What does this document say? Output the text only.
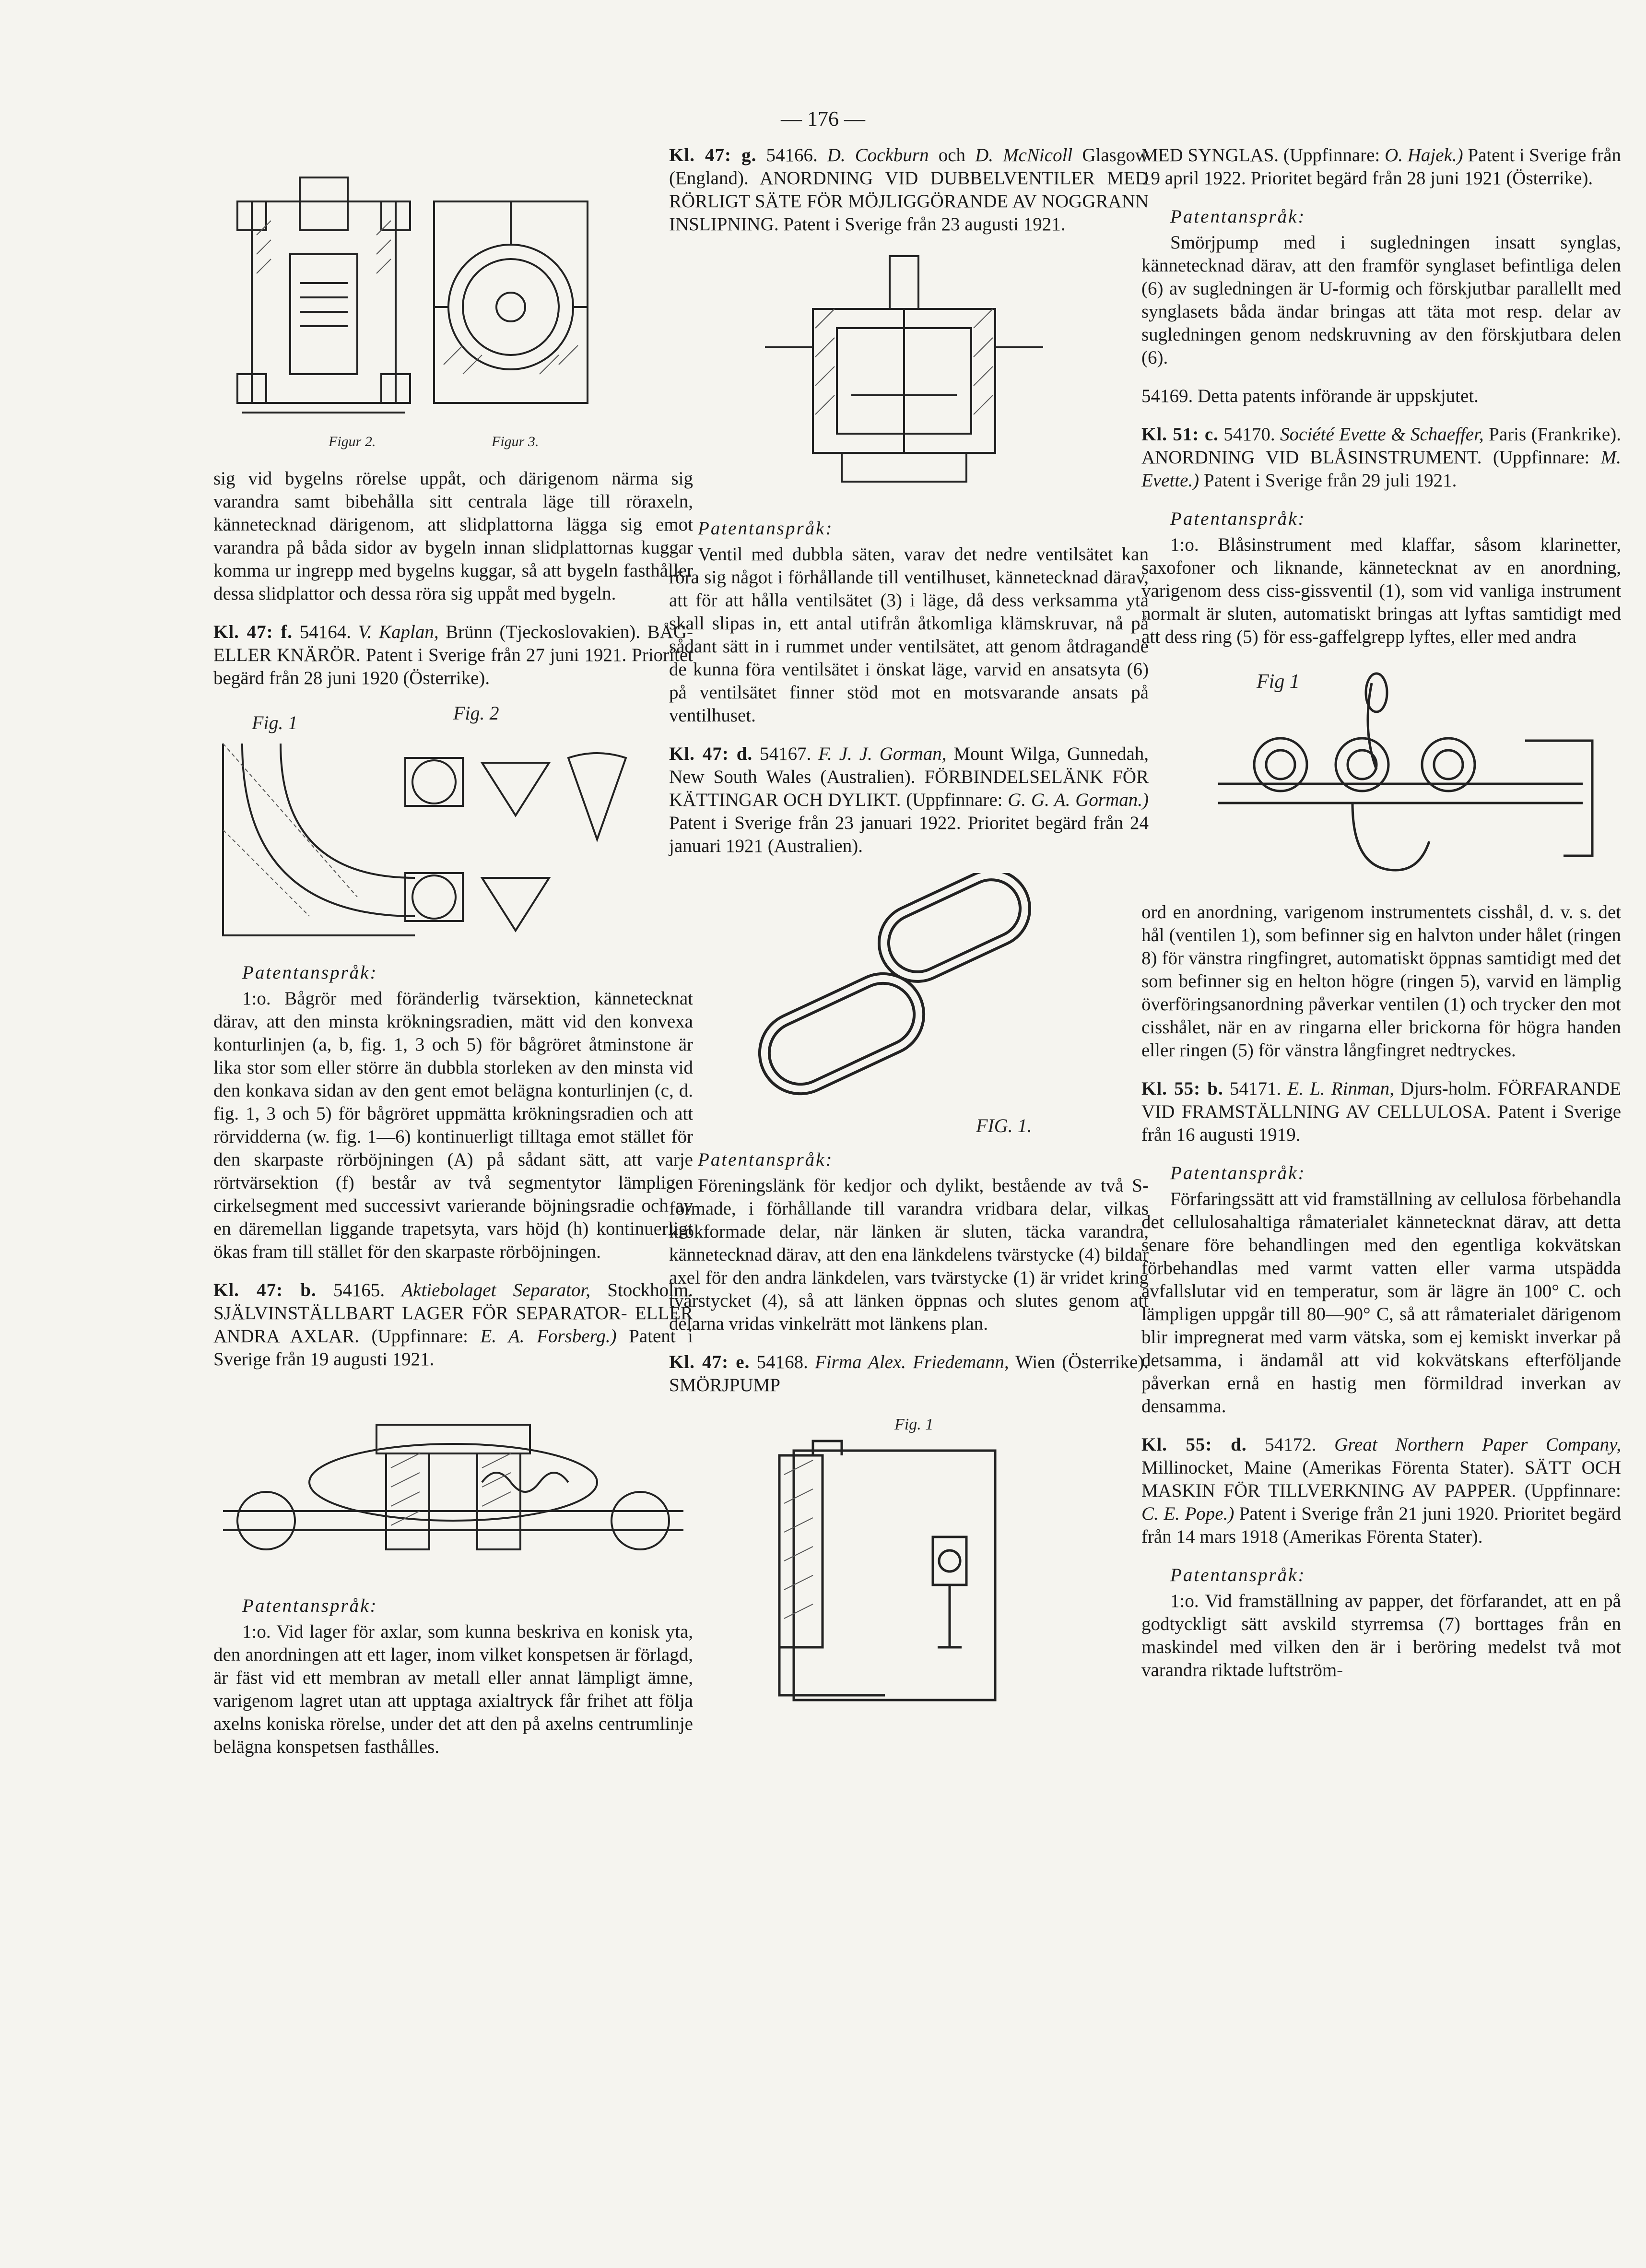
— 176 —
Figur 2.	Figur 3.

sig vid bygelns rörelse uppåt, och därigenom närma sig varandra samt bibehålla sitt centrala läge till röraxeln, kännetecknad därigenom, att slidplattorna lägga sig emot varandra på båda sidor av bygeln innan slidplattornas kuggar komma ur ingrepp med bygelns kuggar, så att bygeln fasthåller dessa slidplattor och dessa röra sig uppåt med bygeln.

Kl. 47: f. 54164. V. Kaplan, Brünn (Tjeckoslovakien). BÅG- ELLER KNÄRÖR. Patent i Sverige från 27 juni 1921. Prioritet begärd från 28 juni 1920 (Österrike).

Fig. 1	Fig. 2

Patentanspråk:

1:o. Bågrör med föränderlig tvärsektion, kännetecknat därav, att den minsta krökningsradien, mätt vid den konvexa konturlinjen (a, b, fig. 1, 3 och 5) för bågröret åtminstone är lika stor som eller större än dubbla storleken av den minsta vid den konkava sidan av den gent emot belägna konturlinjen (c, d. fig. 1, 3 och 5) för bågröret uppmätta krökningsradien och att rörvidderna (w. fig. 1—6) kontinuerligt tilltaga emot stället för den skarpaste rörböjningen (A) på sådant sätt, att varje rörtvärsektion (f) består av två segmentytor lämpligen cirkelsegment med successivt varierande böjningsradie och av en däremellan liggande trapetsyta, vars höjd (h) kontinuerligt ökas fram till stället för den skarpaste rörböjningen.

Kl. 47: b. 54165. Aktiebolaget Separator, Stockholm. SJÄLVINSTÄLLBART LAGER FÖR SEPARATOR- ELLER ANDRA AXLAR. (Uppfinnare: E. A. Forsberg.) Patent i Sverige från 19 augusti 1921.

Patentanspråk:

1:o. Vid lager för axlar, som kunna beskriva en konisk yta, den anordningen att ett lager, inom vilket konspetsen är förlagd, är fäst vid ett membran av metall eller annat lämpligt ämne, varigenom lagret utan att upptaga axialtryck får frihet att följa axelns koniska rörelse, under det att den på axelns centrumlinje belägna konspetsen fasthålles.

Kl. 47: g. 54166. D. Cockburn och D. McNicoll Glasgow (England). ANORDNING VID DUBBELVENTILER MED RÖRLIGT SÄTE FÖR MÖJLIGGÖRANDE AV NOGGRANN INSLIPNING. Patent i Sverige från 23 augusti 1921.

Patentanspråk:

Ventil med dubbla säten, varav det nedre ventilsätet kan röra sig något i förhållande till ventilhuset, kännetecknad därav, att för att hålla ventilsätet (3) i läge, då dess verksamma yta skall slipas in, ett antal utifrån åtkomliga klämskruvar, nå på sådant sätt in i rummet under ventilsätet, att genom åtdragande de kunna föra ventilsätet i önskat läge, varvid en ansatsyta (6) på ventilsätet finner stöd mot en motsvarande ansats på ventilhuset.

Kl. 47: d. 54167. F. J. J. Gorman, Mount Wilga, Gunnedah, New South Wales (Australien). FÖRBINDELSELÄNK FÖR KÄTTINGAR OCH DYLIKT. (Uppfinnare: G. G. A. Gorman.) Patent i Sverige från 23 januari 1922. Prioritet begärd från 24 januari 1921 (Australien).

FIG. 1.

Patentanspråk:

Föreningslänk för kedjor och dylikt, bestående av två S-formade, i förhållande till varandra vridbara delar, vilkas krokformade delar, när länken är sluten, täcka varandra, kännetecknad därav, att den ena länkdelens tvärstycke (4) bildar axel för den andra länkdelen, vars tvärstycke (1) är vridet kring tvärstycket (4), så att länken öppnas och slutes genom att delarna vridas vinkelrätt mot länkens plan.

Kl. 47: e. 54168. Firma Alex. Friedemann, Wien (Österrike). SMÖRJPUMP

Fig. 1

MED SYNGLAS. (Uppfinnare: O. Hajek.) Patent i Sverige från 19 april 1922. Prioritet begärd från 28 juni 1921 (Österrike).

Patentanspråk:

Smörjpump med i sugledningen insatt synglas, kännetecknad därav, att den framför synglaset befintliga delen (6) av sugledningen är U-formig och förskjutbar parallellt med synglasets båda ändar bringas att täta mot resp. delar av sugledningen genom nedskruvning av den förskjutbara delen (6).

54169. Detta patents införande är uppskjutet.

Kl. 51: c. 54170. Société Evette & Schaeffer, Paris (Frankrike). ANORDNING VID BLÅSINSTRUMENT. (Uppfinnare: M. Evette.) Patent i Sverige från 29 juli 1921.

Patentanspråk:

1:o. Blåsinstrument med klaffar, såsom klarinetter, saxofoner och liknande, kännetecknat av en anordning, varigenom dess ciss-gissventil (1), som vid vanliga instrument normalt är sluten, automatiskt bringas att lyftas samtidigt med att dess ring (5) för ess-gaffelgrepp lyftes, eller med andra

Fig 1

ord en anordning, varigenom instrumentets cisshål, d. v. s. det hål (ventilen 1), som befinner sig en halvton under hålet (ringen 8) för vänstra ringfingret, automatiskt öppnas samtidigt med det som befinner sig en helton högre (ringen 5), varvid en lämplig överföringsanordning påverkar ventilen (1) och trycker den mot cisshålet, när en av ringarna eller brickorna för högra handen eller ringen (5) för vänstra långfingret nedtryckes.

Kl. 55: b. 54171. E. L. Rinman, Djurs-holm. FÖRFARANDE VID FRAMSTÄLLNING AV CELLULOSA. Patent i Sverige från 16 augusti 1919.

Patentanspråk:

Förfaringssätt att vid framställning av cellulosa förbehandla det cellulosahaltiga råmaterialet kännetecknat därav, att detta senare före behandlingen med den egentliga kokvätskan förbehandlas med varmt vatten eller varma utspädda avfallslutar vid en temperatur, som är lägre än 100° C. och lämpligen uppgår till 80—90° C, så att råmaterialet därigenom blir impregnerat med varm vätska, som ej kemiskt inverkar på detsamma, i ändamål att vid kokvätskans efterföljande påverkan ernå en hastig men förmildrad inverkan av densamma.

Kl. 55: d. 54172. Great Northern Paper Company, Millinocket, Maine (Amerikas Förenta Stater). SÄTT OCH MASKIN FÖR TILLVERKNING AV PAPPER. (Uppfinnare: C. E. Pope.) Patent i Sverige från 21 juni 1920. Prioritet begärd från 14 mars 1918 (Amerikas Förenta Stater).

Patentanspråk:

1:o. Vid framställning av papper, det förfarandet, att en på godtyckligt sätt avskild styrremsa (7) borttages från en maskindel med vilken den är i beröring medelst två mot varandra riktade luftström-
